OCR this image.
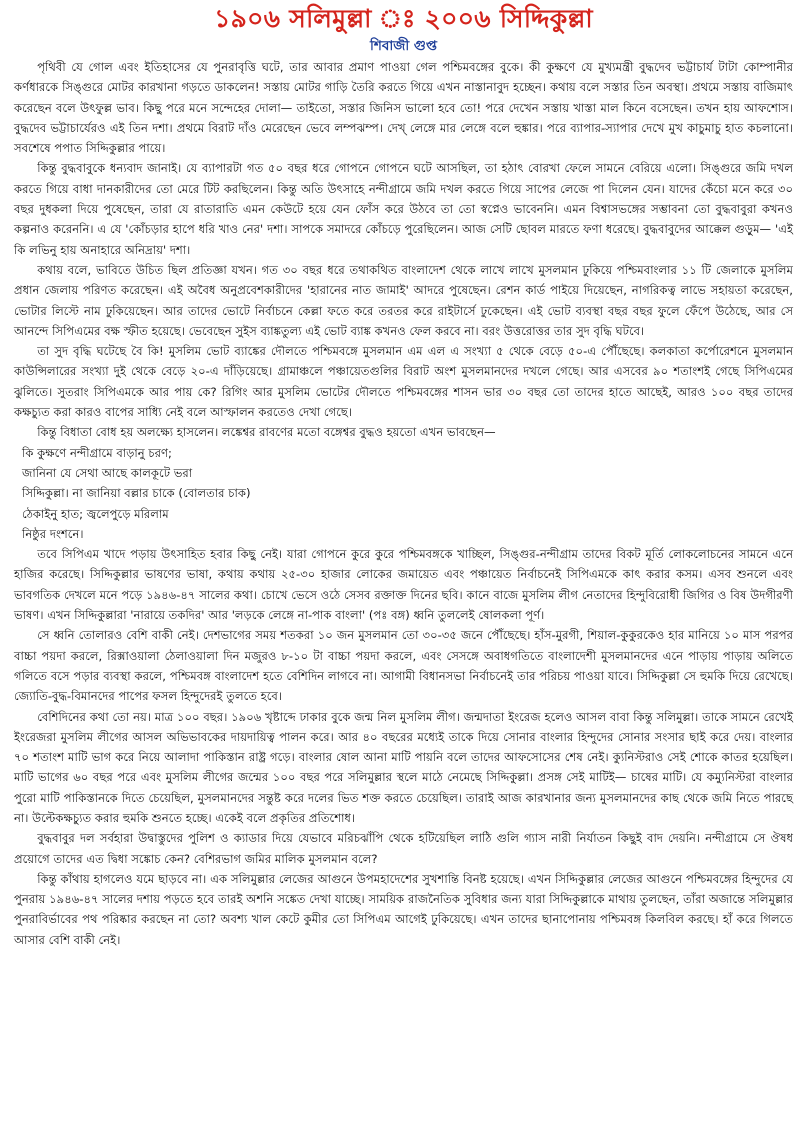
১৯০৬ সলিমুল্লা ঃ ২০০৬ সিদ্দিকুল্লা
শিবাজী গুপ্ত

পৃথিবী যে গোল এবং ইতিহাসের যে পুনরাবৃত্তি ঘটে, তার আবার প্রমাণ পাওয়া গেল পশ্চিমবঙ্গের বুকে। কী কুক্ষণে যে মুখ্যমন্ত্রী বুদ্ধদেব ভট্টাচার্য টাটা কোম্পানীর কর্ণধারকে সিঙ্গুরে মোটর কারখানা গড়তে ডাকলেন! সস্তায় মোটর গাড়ি তৈরি করতে গিয়ে এখন নাস্তানাবুদ হচ্ছেন। কথায় বলে সস্তার তিন অবস্থা। প্রথমে সস্তায় বাজিমাৎ করেছেন বলে উৎফুল্ল ভাব। কিছু পরে মনে সন্দেহের দোলা— তাইতো, সস্তার জিনিস ভালো হবে তো! পরে দেখেন সস্তায় খাস্তা মাল কিনে বসেছেন। তখন হায় আফশোস। বুদ্ধদেব ভট্টাচার্যেরও এই তিন দশা। প্রথমে বিরাট দাঁও মেরেছেন ভেবে লম্পঝম্প। দেখ্ লেঙ্গে মার লেঙ্গে বলে হুঙ্কার। পরে ব্যাপার-স্যাপার দেখে মুখ কাচুমাচু হাত কচলানো। সবশেষে পপাত সিদ্দিকুল্লার পায়ে।

কিন্তু বুদ্ধবাবুকে ধন্যবাদ জানাই। যে ব্যাপারটা গত ৫০ বছর ধরে গোপনে গোপনে ঘটে আসছিল, তা হঠাৎ বোরখা ফেলে সামনে বেরিয়ে এলো। সিঙ্গুরে জমি দখল করতে গিয়ে বাধা দানকারীদের তো মেরে টিট করছিলেন। কিন্তু অতি উৎসাহে নন্দীগ্রামে জমি দখল করতে গিয়ে সাপের লেজে পা দিলেন যেন। যাদের কেঁচো মনে করে ৩০ বছর দুধকলা দিয়ে পুষেছেন, তারা যে রাতারাতি এমন কেউটে হয়ে যেন ফোঁস করে উঠবে তা তো স্বপ্নেও ভাবেননি। এমন বিশ্বাসভঙ্গের সম্ভাবনা তো বুদ্ধবাবুরা কখনও কল্পনাও করেননি। এ যে 'কোঁচড়ার হাপে ধরি খাও নের' দশা। সাপকে সমাদরে কোঁচড়ে পুরেছিলেন। আজ সেটি ছোবল মারতে ফণা ধরেছে। বুদ্ধবাবুদের আক্কেল গুড়ুম— 'এই কি লভিনু হায় অনাহারে অনিদ্রায়' দশা।

কথায় বলে, ভাবিতে উচিত ছিল প্রতিজ্ঞা যখন। গত ৩০ বছর ধরে তথাকথিত বাংলাদেশ থেকে লাখে লাখে মুসলমান ঢুকিয়ে পশ্চিমবাংলার ১১ টি জেলাকে মুসলিম প্রধান জেলায় পরিণত করেছেন। এই অবৈধ অনুপ্রবেশকারীদের 'হারানের নাত জামাই' আদরে পুষেছেন। রেশন কার্ড পাইয়ে দিয়েছেন, নাগরিকত্ব লাভে সহায়তা করেছেন, ভোটার লিস্টে নাম ঢুকিয়েছেন। আর তাদের ভোটে নির্বাচনে কেল্লা ফতে করে তরতর করে রাইটার্সে ঢুকেছেন। এই ভোট ব্যবস্থা বছর বছর ফুলে ফেঁপে উঠেছে, আর সে আনন্দে সিপিএমের বক্ষ স্ফীত হয়েছে। ভেবেছেন সুইস ব্যাঙ্কতুল্য এই ভোট ব্যাঙ্ক কখনও ফেল করবে না। বরং উত্তরোত্তর তার সুদ বৃদ্ধি ঘটবে।

তা সুদ বৃদ্ধি ঘটেছে বৈ কি! মুসলিম ভোট ব্যাঙ্কের দৌলতে পশ্চিমবঙ্গে মুসলমান এম এল এ সংখ্যা ৫ থেকে বেড়ে ৫০-এ পৌঁছেছে। কলকাতা কর্পোরেশনে মুসলমান কাউন্সিলারের সংখ্যা দুই থেকে বেড়ে ২০-এ দাঁড়িয়েছে। গ্রামাঞ্চলে পঞ্চায়েতগুলির বিরাট অংশ মুসলমানদের দখলে গেছে। আর এসবের ৯০ শতাংশই গেছে সিপিএমের ঝুলিতে। সুতরাং সিপিএমকে আর পায় কে? রিগিং আর মুসলিম ভোটের দৌলতে পশ্চিমবঙ্গের শাসন ভার ৩০ বছর তো তাদের হাতে আছেই, আরও ১০০ বছর তাদের কক্ষচ্যুত করা কারও বাপের সাধ্যি নেই বলে আস্ফালন করতেও দেখা গেছে।

কিন্তু বিধাতা বোধ হয় অলক্ষ্যে হাসলেন। লঙ্কেশ্বর রাবণের মতো বঙ্গেশ্বর বুদ্ধও হয়তো এখন ভাবছেন—

কি কুক্ষণে নন্দীগ্রামে বাড়ানু চরণ;

জানিনা যে সেথা আছে কালকূটে ভরা

সিদ্দিকুল্লা। না জানিয়া বল্লার চাকে (বোলতার চাক)

ঠেকাইনু হাত; জ্বলেপুড়ে মরিলাম

নিষ্ঠুর দংশনে।

তবে সিপিএম খাদে পড়ায় উৎসাহিত হবার কিছু নেই। যারা গোপনে কুরে কুরে পশ্চিমবঙ্গকে খাচ্ছিল, সিঙ্গুর-নন্দীগ্রাম তাদের বিকট মূর্তি লোকলোচনের সামনে এনে হাজির করেছে। সিদ্দিকুল্লার ভাষণের ভাষা, কথায় কথায় ২৫-৩০ হাজার লোকের জমায়েত এবং পঞ্চায়েত নির্বাচনেই সিপিএমকে কাৎ করার কসম। এসব শুনলে এবং ভাবগতিক দেখলে মনে পড়ে ১৯৪৬-৪৭ সালের কথা। চোখে ভেসে ওঠে সেসব রক্তাক্ত দিনের ছবি। কানে বাজে মুসলিম লীগ নেতাদের হিন্দুবিরোধী জিগির ও বিষ উদগীরণী ভাষণ। এখন সিদ্দিকুল্লারা 'নারায়ে তকদির' আর 'লড়কে লেঙ্গে না-পাক বাংলা' (পঃ বঙ্গ) ধ্বনি তুললেই ষোলকলা পূর্ণ।

সে ধ্বনি তোলারও বেশি বাকী নেই। দেশভাগের সময় শতকরা ১০ জন মুসলমান তো ৩০-৩৫ জনে পৌঁছেছে। হাঁস-মুরগী, শিয়াল-কুকুরকেও হার মানিয়ে ১০ মাস পরপর বাচ্চা পয়দা করলে, রিক্সাওয়ালা ঠেলাওয়ালা দিন মজুরও ৮-১০ টা বাচ্চা পয়দা করলে, এবং সেসঙ্গে অবাধগতিতে বাংলাদেশী মুসলমানদের এনে পাড়ায় পাড়ায় অলিতে গলিতে বসে পড়ার ব্যবস্থা করলে, পশ্চিমবঙ্গ বাংলাদেশ হতে বেশিদিন লাগবে না। আগামী বিধানসভা নির্বাচনেই তার পরিচয় পাওয়া যাবে। সিদ্দিকুল্লা সে হুমকি দিয়ে রেখেছে। জ্যোতি-বুদ্ধ-বিমানদের পাপের ফসল হিন্দুদেরই তুলতে হবে।

বেশিদিনের কথা তো নয়। মাত্র ১০০ বছর। ১৯০৬ খৃষ্টাব্দে ঢাকার বুকে জন্ম নিল মুসলিম লীগ। জন্মদাতা ইংরেজ হলেও আসল বাবা কিন্তু সলিমুল্লা। তাকে সামনে রেখেই ইংরেজরা মুসলিম লীগের আসল অভিভাবকের দায়দায়িত্ব পালন করে। আর ৪০ বছরের মধ্যেই তাকে দিয়ে সোনার বাংলার হিন্দুদের সোনার সংসার ছাই করে দেয়। বাংলার ৭০ শতাংশ মাটি ভাগ করে নিয়ে আলাদা পাকিস্তান রাষ্ট্র গড়ে। বাংলার ষোল আনা মাটি পায়নি বলে তাদের আফসোসের শেষ নেই। ক্যুনিস্টরাও সেই শোকে কাতর হয়েছিল। মাটি ভাগের ৬০ বছর পরে এবং মুসলিম লীগের জন্মের ১০০ বছর পরে সলিমুল্লার স্থলে মাঠে নেমেছে সিদ্দিকুল্লা। প্রসঙ্গ সেই মাটিই— চাষের মাটি। যে কম্যুনিস্টরা বাংলার পুরো মাটি পাকিস্তানকে দিতে চেয়েছিল, মুসলমানদের সন্তুষ্ট করে দলের ভিত শক্ত করতে চেয়েছিল। তারাই আজ কারখানার জন্য মুসলমানদের কাছ থেকে জমি নিতে পারছে না। উল্টেকক্ষচ্যুত করার হুমকি শুনতে হচ্ছে। একেই বলে প্রকৃতির প্রতিশোধ।

বুদ্ধবাবুর দল সর্বহারা উদ্বাস্তুদের পুলিশ ও ক্যাডার দিয়ে যেভাবে মরিচঝাঁপি থেকে হটিয়েছিল লাঠি গুলি গ্যাস নারী নির্যাতন কিছুই বাদ দেয়নি। নন্দীগ্রামে সে ঔষধ প্রয়োগে তাদের এত দ্বিধা সঙ্কোচ কেন? বেশিরভাগ জমির মালিক মুসলমান বলে?

কিন্তু কাঁথায় হাগলেও যমে ছাড়বে না। এক সলিমুল্লার লেজের আগুনে উপমহাদেশের সুখশান্তি বিনষ্ট হয়েছে। এখন সিদ্দিকুল্লার লেজের আগুনে পশ্চিমবঙ্গের হিন্দুদের যে পুনরায় ১৯৪৬-৪৭ সালের দশায় পড়তে হবে তারই অশনি সঙ্কেত দেখা যাচ্ছে। সাময়িক রাজনৈতিক সুবিধার জন্য যারা সিদ্দিকুল্লাকে মাথায় তুলছেন, তাঁরা অজান্তে সলিমুল্লার পুনরাবির্ভাবের পথ পরিষ্কার করছেন না তো? অবশ্য খাল কেটে কুমীর তো সিপিএম আগেই ঢুকিয়েছে। এখন তাদের ছানাপোনায় পশ্চিমবঙ্গ কিলবিল করছে। হাঁ করে গিলতে আসার বেশি বাকী নেই।
